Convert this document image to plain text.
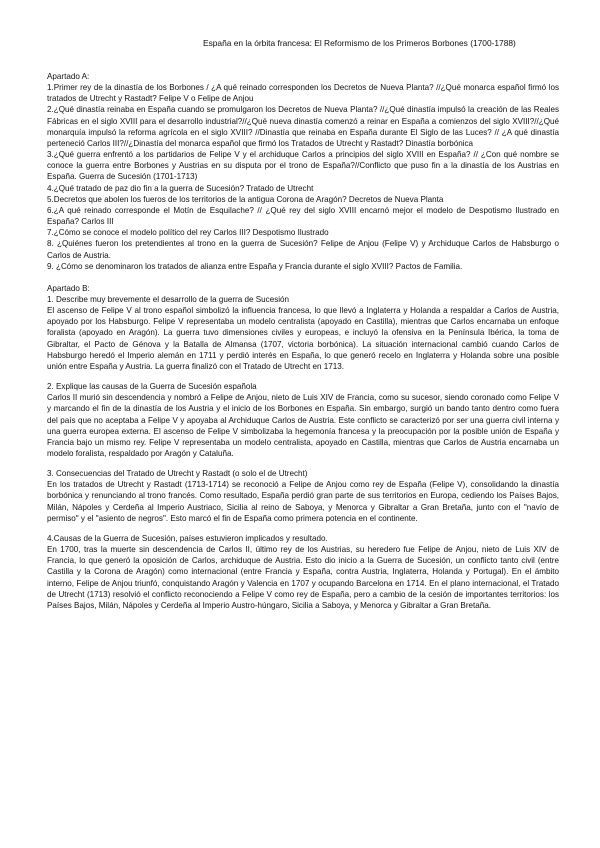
España en la órbita francesa: El Reformismo de los Primeros Borbones (1700-1788)

Apartado A:

1.Primer rey de la dinastía de los Borbones / ¿A qué reinado corresponden los Decretos de Nueva Planta? //¿Qué monarca español firmó los tratados de Utrecht y Rastadt? Felipe V o Felipe de Anjou

2.¿Qué dinastía reinaba en España cuando se promulgaron los Decretos de Nueva Planta? //¿Qué dinastía impulsó la creación de las Reales Fábricas en el siglo XVIII para el desarrollo industrial?//¿Qué nueva dinastía comenzó a reinar en España a comienzos del siglo XVIII?//¿Qué monarquía impulsó la reforma agrícola en el siglo XVIII? //Dinastía que reinaba en España durante El Siglo de las Luces? // ¿A qué dinastía perteneció Carlos III?//¿Dinastía del monarca español que firmó los Tratados de Utrecht y Rastadt? Dinastía borbónica

3.¿Qué guerra enfrentó a los partidarios de Felipe V y el archiduque Carlos a principios del siglo XVIII en España? // ¿Con qué nombre se conoce la guerra entre Borbones y Austrias en su disputa por el trono de España?//Conflicto que puso fin a la dinastía de los Austrias en España. Guerra de Sucesión (1701-1713)

4.¿Qué tratado de paz dio fin a la guerra de Sucesión? Tratado de Utrecht

5.Decretos que abolen los fueros de los territorios de la antigua Corona de Aragón? Decretos de Nueva Planta

6.¿A qué reinado corresponde el Motín de Esquilache? // ¿Qué rey del siglo XVIII encarnó mejor el modelo de Despotismo Ilustrado en España? Carlos III

7.¿Cómo se conoce el modelo político del rey Carlos III? Despotismo Ilustrado

8. ¿Quiénes fueron los pretendientes al trono en la guerra de Sucesión? Felipe de Anjou (Felipe V) y Archiduque Carlos de Habsburgo o Carlos de Austria.

9. ¿Cómo se denominaron los tratados de alianza entre España y Francia durante el siglo XVIII? Pactos de Familia.

Apartado B:

1. Describe muy brevemente el desarrollo de la guerra de Sucesión

El ascenso de Felipe V al trono español simbolizó la influencia francesa, lo que llevó a Inglaterra y Holanda a respaldar a Carlos de Austria, apoyado por los Habsburgo. Felipe V representaba un modelo centralista (apoyado en Castilla), mientras que Carlos encarnaba un enfoque foralista (apoyado en Aragón). La guerra tuvo dimensiones civiles y europeas, e incluyó la ofensiva en la Península Ibérica, la toma de Gibraltar, el Pacto de Génova y la Batalla de Almansa (1707, victoria borbónica). La situación internacional cambió cuando Carlos de Habsburgo heredó el Imperio alemán en 1711 y perdió interés en España, lo que generó recelo en Inglaterra y Holanda sobre una posible unión entre España y Austria. La guerra finalizó con el Tratado de Utrecht en 1713.

2. Explique las causas de la Guerra de Sucesión española

Carlos II murió sin descendencia y nombró a Felipe de Anjou, nieto de Luis XIV de Francia, como su sucesor, siendo coronado como Felipe V y marcando el fin de la dinastía de los Austria y el inicio de los Borbones en España. Sin embargo, surgió un bando tanto dentro como fuera del país que no aceptaba a Felipe V y apoyaba al Archiduque Carlos de Austria. Este conflicto se caracterizó por ser una guerra civil interna y una guerra europea externa. El ascenso de Felipe V simbolizaba la hegemonía francesa y la preocupación por la posible unión de España y Francia bajo un mismo rey. Felipe V representaba un modelo centralista, apoyado en Castilla, mientras que Carlos de Austria encarnaba un modelo foralista, respaldado por Aragón y Cataluña.

3. Consecuencias del Tratado de Utrecht y Rastadt (o solo el de Utrecht)

En los tratados de Utrecht y Rastadt (1713-1714) se reconoció a Felipe de Anjou como rey de España (Felipe V), consolidando la dinastía borbónica y renunciando al trono francés. Como resultado, España perdió gran parte de sus territorios en Europa, cediendo los Países Bajos, Milán, Nápoles y Cerdeña al Imperio Austriaco, Sicilia al reino de Saboya, y Menorca y Gibraltar a Gran Bretaña, junto con el "navío de permiso" y el "asiento de negros". Esto marcó el fin de España como primera potencia en el continente.

4.Causas de la Guerra de Sucesión, países estuvieron implicados y resultado.

En 1700, tras la muerte sin descendencia de Carlos II, último rey de los Austrias, su heredero fue Felipe de Anjou, nieto de Luis XIV de Francia, lo que generó la oposición de Carlos, archiduque de Austria. Esto dio inicio a la Guerra de Sucesión, un conflicto tanto civil (entre Castilla y la Corona de Aragón) como internacional (entre Francia y España, contra Austria, Inglaterra, Holanda y Portugal). En el ámbito interno, Felipe de Anjou triunfó, conquistando Aragón y Valencia en 1707 y ocupando Barcelona en 1714. En el plano internacional, el Tratado de Utrecht (1713) resolvió el conflicto reconociendo a Felipe V como rey de España, pero a cambio de la cesión de importantes territorios: los Países Bajos, Milán, Nápoles y Cerdeña al Imperio Austro-húngaro, Sicilia a Saboya, y Menorca y Gibraltar a Gran Bretaña.
